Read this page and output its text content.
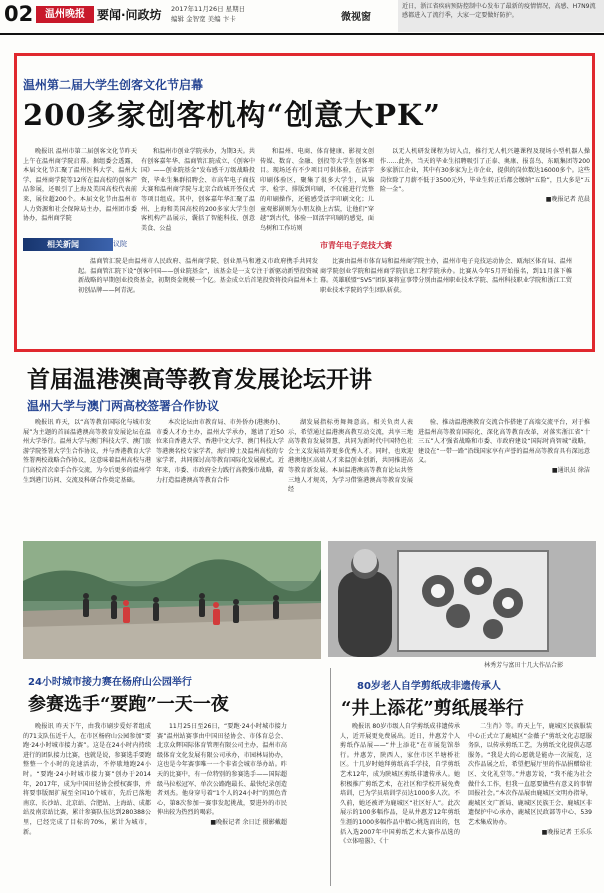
02	温州晚报	要闻·问政坊 2017年11月26日 星期日
编辑 金智宽 美编 卞卡	微视窗
近日，浙江省疾病预防控制中心发布了最新的疫情情况，高感、H7N9流感都进入了流行季，大家一定要做好防护。
温州第二届大学生创客文化节启幕
200多家创客机构“创意大PK”

晚报讯 温州市第二届创客文化节昨天上午在温州商学院启幕。据组委会透露，本届文化节汇聚了温州医科大学、温州大学、温州商学院等12所在温高校的创客产品参展，还吸引了上海及美国高校代表前来，展位超200个。本届文化节由温州市人力资源和社会保障局主办，温州团市委协办，温州商学院

和温州市创业学院承办，为期3天。共有创客嘉年华、温商管汇院成立、《创客中国》——创业院基金“发布感千万级战略投资，毕业生集群招聘会、市高年电子商技大赛和温州商学院与北京合政城开签仪式等项目组成。其中，创客嘉年华汇聚了温州、上海和美国高校的200多家大学生创客机构产品展示，囊括了智能科技、创意美食、公益

和温州、电商、体育健康、影视文创传媒、数育、金融、创投等大学生创客项目。现场还有不少项目可供体验，在活字印刷体验区，聚集了很多大学生，从锦字、检字、排版到印刷，不仅能进行完整的印刷操作，还能感受活字印刷文化；儿童观影剧则为小朋友换上古装，让他们“穿越”到古代，体验一回活字印刷的感觉，面鸟树和工作坊则

以无人机研发课程为切入点，推行无人机兴趣课程及现场小型机器人操作……此外，当天的毕业生招聘吸引了正泰、奥康、报喜鸟、东瓯集团等200多家浙江企业，其中有30多家为上市企业，提供的岗位数达16000多个。这些岗位除了月薪不低于3500元外，毕业生转正后都会缴纳“五险”，且大多是“五险一金”。

■晚报记者 范晨
相关新闻	议院

温商管汇院是由温州市人民政府、温州商学院、创业黑马和遵义市政府携手共同发起。温商管汇院下设“创客中国——创业院基金”，该基金是一支专注于新驱动新型投资城新战略的早期创业投资基金，初期资金规模一个亿。基金成立后首笔投资将投向温州本土初创品牌——阿青泥。

市青年电子竞技大赛

比赛由温州市体育局和温州商学院主办，温州市电子竞技运动协会、瓯海区体育局、温州商学院创业学院和温州商学院信息工程学院承办。比赛从今年5月开始报名，到11月落下帷幕。英雄联盟“5V5”团队赛将宣事带分别由温州职业技术学院、温州科技职业学院和浙江工贸职业技术学院的学生团队斩获。

首届温港澳高等教育发展论坛开讲
温州大学与澳门两高校签署合作协议

晚报讯 昨天，以“高等教育国际化与城市发展”为主题的首届温港澳高等教育发展论坛在温州大学举行。温州大学与澳门科技大学、澳门旅游学院签署大学生合作协议，并与香港教育大学签署两校战略合作协议，这意味着温州高校与港门高校首次牵手合作交流，为今后更多的温州学生到港门访问、交流及科研合作奠定基础。

本次论坛由市教育局、市外侨办(港澳办)、市委人才办主办，温州大学承办，邀请了近50位来自香港大学、香港中文大学、澳门科技大学等港澳名校专家学者，海归博士及温州高校的专家学者，共同探讨高等教育国际化发展模式。近年来，市委、市政府全力践行高教强市战略，着力打造温港澳高等教育合作

湖发展指标勇舞舞意高。相关负责人表示，希望通过温港澳高教互动交流，共享三地高等教育发展智慧，共同为新时代中国特色社会主义发展培养更多优秀人才。同时，也欢迎港澳地区高端人才来温创业创新，共同推进高等教育新发展。本届温港澳高等教育论坛共签三地人才规英，为学习借鉴港澳高等教育发展经

验、推动温港澳教育交流合作搭建了高端交流平台，对于推进温州高等教育国际化、深化高等教育改革，对落实浙江省“十三五”人才强省战略和市委、市政府建设“国际时尚智城”战略，建设在“一带一路”沿线国家享有声誉的温州高等教育具有深远意义。

■通讯员 徐洁
林秀芳与富田十几大作品合影
24小时城市接力赛在杨府山公园举行
参赛选手“要跑”一天一夜

晚报讯 昨天下午，由我市刷步爱好者组成的71支队伍近千人，在市区杨府山公园参加“要跑·24小时城市接力赛”。这是在24小时内持续进行的团队接力比赛，也就是说，参赛选手要跑整整一个小时的竞速活动，不停歇地跑24小时。“要跑·24小时城市接力赛”创办于2014年，2017年，成为中国田径协会授权赛事，并将要事版图扩展至全国10个城市，先后已落地南京、长沙站、北京站、合肥站、上海站、成都站及南京站比赛，累计参赛队伍达到280388公里，已经完成了目标的70%，累计为城市，新。

11月25日至26日，“要跑·24小时城市接力赛”温州站赛事由中国田径协会、市体育总会、北京众辉国际体育管理有限公司主办，温州市高级体育文化发展有限公司承办，市园林局协办，这也是今年赛事唯一一个非省会城市举办站。昨天的比赛中，有一位特别的参赛选手——国际超级马拉松冠军、单次公路跑最长、最快纪录创造者刘杰。他身穿号着“1个人的24小时”的黑色背心，第8次参加一赛事发起挑战，要进外的市民伸出较为热烈的喝彩。

■晚报记者 余日迁 摄影戴超
80岁老人自学剪纸成非遗传承人
“井上添花”剪纸展举行

晚报讯 80岁市级人自学剪纸成非遗传承人，近开展更免费展出。近日，井惠芳个人剪纸作品展——“井上添花”在市展览馆举行。井惠芳，陕西人，家住市区半塘桥社区。十几岁时她拜剪纸高手学技，自学剪纸艺术12年，成为陕城区剪纸非遗传承人。她积极推广剪纸艺术，在社区和学校开展免费培训，已为学员培训学员达1000多人次。不久前，她还被评为鹿城区“社区好人”。此次展示的100多幅作品，是从井惠芳12年剪纸生涯的1000多幅作品中精心挑选而出的，包括入选2007年中国剪纸艺术大赛作品选的《立体喧嚣》、《十

二生肖》等。昨天上午，鹿城区民族服装中心正式立了鹿城区“金薇子”剪纸文化志愿服务队，以传承剪纸工艺，为剪纸文化提供志愿服务。“我是大的心愿就是能办一次展览，这次作品展之后，希望把展厅里的作品捐赠给社区、文化礼堂等。”井惠芳说，“我不能为社会做什么工作，但我一直愿要做些有意义的事情回报社会。”本次作品展由鹿城区文明办指导，鹿城区文广新局、鹿城区民族王会、鹿城区非遗保护中心承办，鹿城区民政部等中心、539艺术集成协办。

■晚报记者 王乐乐
